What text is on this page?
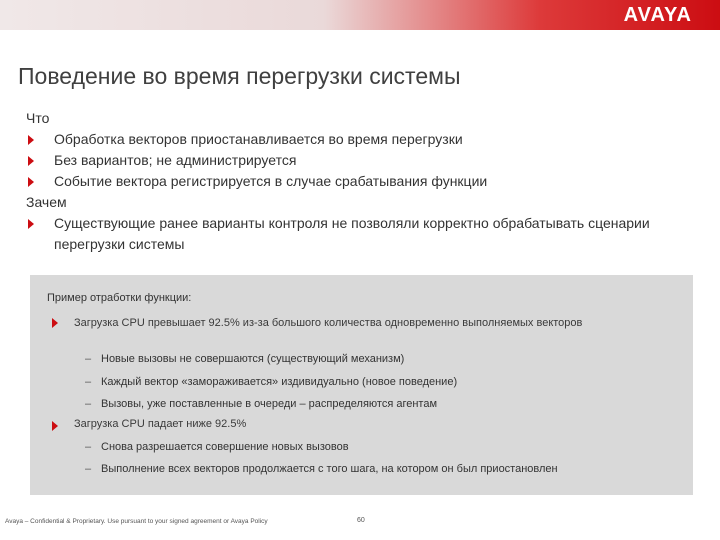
AVAYA
Поведение во время перегрузки системы

Что

Обработка векторов приостанавливается во время перегрузки

Без вариантов; не администрируется

Событие вектора регистрируется в случае срабатывания функции

Зачем

Существующие ранее варианты контроля не позволяли корректно обрабатывать сценарии перегрузки системы

Пример отработки функции:

Загрузка CPU превышает 92.5% из-за большого количества одновременно выполняемых векторов

– Новые вызовы не совершаются (существующий механизм)

– Каждый вектор «замораживается» издивидуально (новое поведение)

– Вызовы, уже поставленные в очереди – распределяются агентам

Загрузка CPU падает ниже 92.5%

– Снова разрешается совершение новых вызовов

– Выполнение всех векторов продолжается с того шага, на котором он был приостановлен

Avaya – Confidential & Proprietary. Use pursuant to your signed agreement or Avaya Policy	60
